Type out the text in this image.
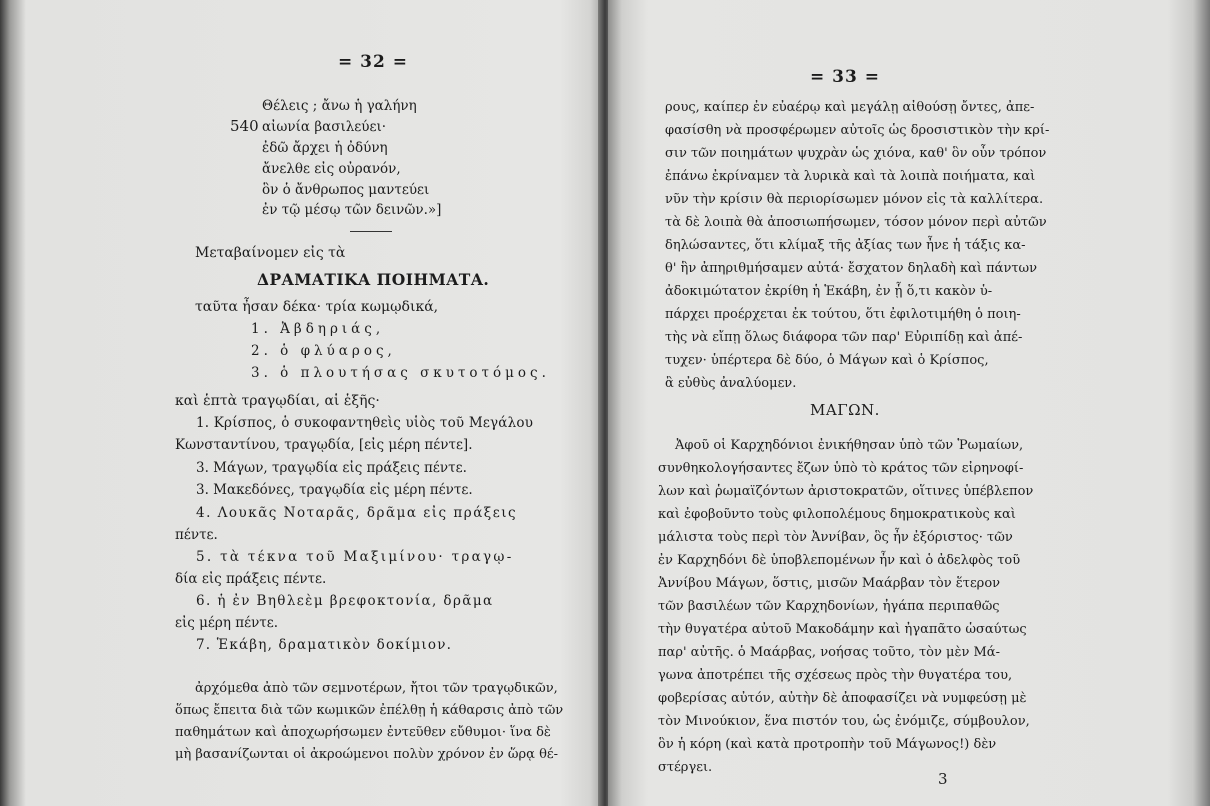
= 32 =
Θέλεις ; ἄνω ἡ γαλήνη
540 αἰωνία βασιλεύει·
ἐδῶ ἄρχει ἡ ὀδύνη
ἄνελθε εἰς οὐρανόν,
ὃν ὁ ἄνθρωπος μαντεύει
ἐν τῷ μέσῳ τῶν δεινῶν.»]
Μεταβαίνομεν εἰς τὰ
ΔΡΑΜΑΤΙΚΑ ΠΟΙΗΜΑΤΑ.
ταῦτα ἦσαν δέκα· τρία κωμῳδικά,
1. Ἀβδηριάς,
2. ὁ φλύαρος,
3. ὁ πλουτήσας σκυτοτόμος.
καὶ ἑπτὰ τραγῳδίαι, αἱ ἑξῆς·
1. Κρίσπος, ὁ συκοφαντηθεὶς υἱὸς τοῦ Μεγάλου
Κωνσταντίνου, τραγῳδία, [εἰς μέρη πέντε].
3. Μάγων, τραγῳδία εἰς πράξεις πέντε.
3. Μακεδόνες, τραγῳδία εἰς μέρη πέντε.
4. Λουκᾶς Νοταρᾶς, δρᾶμα εἰς πράξεις
πέντε.
5. τὰ τέκνα τοῦ Μαξιμίνου· τραγῳ-
δία εἰς πράξεις πέντε.
6. ἡ ἐν Βηθλεὲμ βρεφοκτονία, δρᾶμα
εἰς μέρη πέντε.
7. Ἑκάβη, δραματικὸν δοκίμιον.
ἀρχόμεθα ἀπὸ τῶν σεμνοτέρων, ἤτοι τῶν τραγῳδικῶν,
ὅπως ἔπειτα διὰ τῶν κωμικῶν ἐπέλθῃ ἡ κάθαρσις ἀπὸ τῶν
παθημάτων καὶ ἀποχωρήσωμεν ἐντεῦθεν εὔθυμοι· ἵνα δὲ
μὴ βασανίζωνται οἱ ἀκροώμενοι πολὺν χρόνον ἐν ὥρᾳ θέ-
= 33 =
ρους, καίπερ ἐν εὐαέρῳ καὶ μεγάλῃ αἰθούσῃ ὄντες, ἀπε-
φασίσθη νὰ προσφέρωμεν αὐτοῖς ὡς δροσιστικὸν τὴν κρί-
σιν τῶν ποιημάτων ψυχρὰν ὡς χιόνα, καθ' ὃν οὖν τρόπον
ἐπάνω ἐκρίναμεν τὰ λυρικὰ καὶ τὰ λοιπὰ ποιήματα, καὶ
νῦν τὴν κρίσιν θὰ περιορίσωμεν μόνον εἰς τὰ καλλίτερα.
τὰ δὲ λοιπὰ θὰ ἀποσιωπήσωμεν, τόσον μόνον περὶ αὐτῶν
δηλώσαντες, ὅτι κλίμαξ τῆς ἀξίας των ἦνε ἡ τάξις κα-
θ' ἣν ἀπηριθμήσαμεν αὐτά· ἔσχατον δηλαδὴ καὶ πάντων
ἀδοκιμώτατον ἐκρίθη ἡ Ἑκάβη, ἐν ᾗ ὅ,τι κακὸν ὑ-
πάρχει προέρχεται ἐκ τούτου, ὅτι ἐφιλοτιμήθη ὁ ποιη-
τὴς νὰ εἴπῃ ὅλως διάφορα τῶν παρ' Εὐριπίδῃ καὶ ἀπέ-
τυχεν· ὑπέρτερα δὲ δύο, ὁ Μάγων καὶ ὁ Κρίσπος,
ἃ εὐθὺς ἀναλύομεν.
ΜΑΓΩΝ.
Ἀφοῦ οἱ Καρχηδόνιοι ἐνικήθησαν ὑπὸ τῶν Ῥωμαίων,
συνθηκολογήσαντες ἔζων ὑπὸ τὸ κράτος τῶν εἰρηνοφί-
λων καὶ ῥωμαϊζόντων ἀριστοκρατῶν, οἵτινες ὑπέβλεπον
καὶ ἐφοβοῦντο τοὺς φιλοπολέμους δημοκρατικοὺς καὶ
μάλιστα τοὺς περὶ τὸν Ἀννίβαν, ὃς ἦν ἐξόριστος· τῶν
ἐν Καρχηδόνι δὲ ὑποβλεπομένων ἦν καὶ ὁ ἀδελφὸς τοῦ
Ἀννίβου Μάγων, ὅστις, μισῶν Μαάρβαν τὸν ἕτερον
τῶν βασιλέων τῶν Καρχηδονίων, ἠγάπα περιπαθῶς
τὴν θυγατέρα αὐτοῦ Μακοδάμην καὶ ἠγαπᾶτο ὡσαύτως
παρ' αὐτῆς. ὁ Μαάρβας, νοήσας τοῦτο, τὸν μὲν Μά-
γωνα ἀποτρέπει τῆς σχέσεως πρὸς τὴν θυγατέρα του,
φοβερίσας αὐτόν, αὐτὴν δὲ ἀποφασίζει νὰ νυμφεύσῃ μὲ
τὸν Μινούκιον, ἕνα πιστόν του, ὡς ἐνόμιζε, σύμβουλον,
ὃν ἡ κόρη (καὶ κατὰ προτροπὴν τοῦ Μάγωνος!) δὲν
στέργει.
3
